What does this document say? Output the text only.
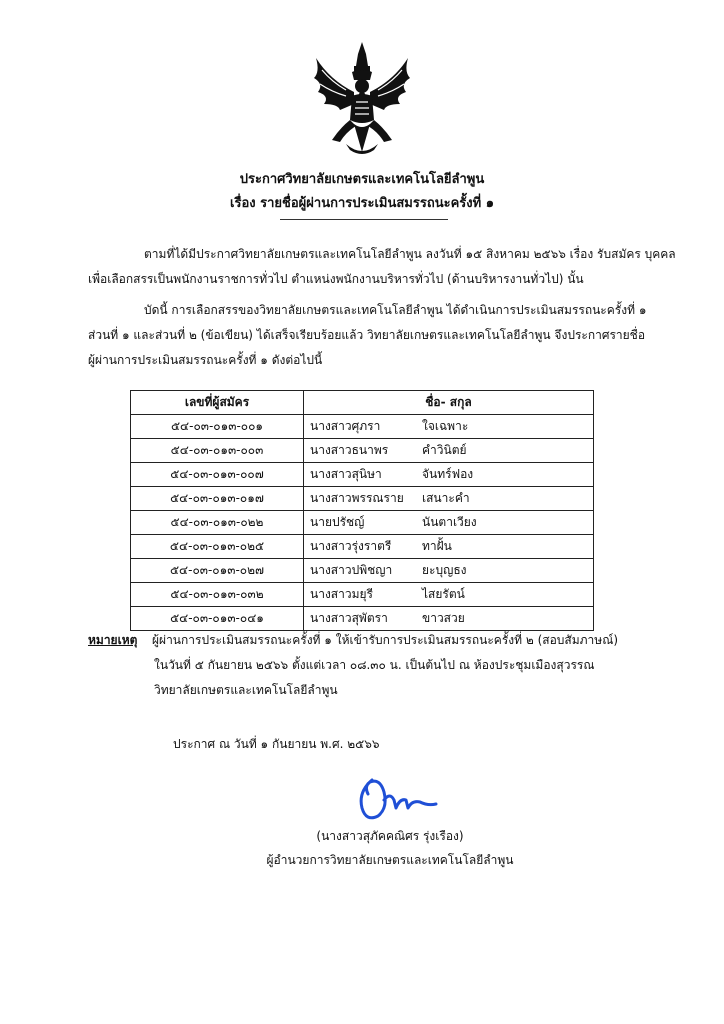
ประกาศวิทยาลัยเกษตรและเทคโนโลยีลำพูน
เรื่อง รายชื่อผู้ผ่านการประเมินสมรรถนะครั้งที่ ๑
ตามที่ได้มีประกาศวิทยาลัยเกษตรและเทคโนโลยีลำพูน ลงวันที่ ๑๕ สิงหาคม ๒๕๖๖ เรื่อง รับสมัคร บุคคล
เพื่อเลือกสรรเป็นพนักงานราชการทั่วไป ตำแหน่งพนักงานบริหารทั่วไป (ด้านบริหารงานทั่วไป) นั้น
บัดนี้ การเลือกสรรของวิทยาลัยเกษตรและเทคโนโลยีลำพูน ได้ดำเนินการประเมินสมรรถนะครั้งที่ ๑
ส่วนที่ ๑ และส่วนที่ ๒ (ข้อเขียน) ได้เสร็จเรียบร้อยแล้ว วิทยาลัยเกษตรและเทคโนโลยีลำพูน จึงประกาศรายชื่อ
ผู้ผ่านการประเมินสมรรถนะครั้งที่ ๑ ดังต่อไปนี้
เลขที่ผู้สมัคร	ชื่อ- สกุล
๕๔-๐๓-๐๑๓-๐๐๑	นางสาวศุภรา ใจเฉพาะ
๕๔-๐๓-๐๑๓-๐๐๓	นางสาวธนาพร คำวินิตย์
๕๔-๐๓-๐๑๓-๐๐๗	นางสาวสุนิษา จันทร์ฟอง
๕๔-๐๓-๐๑๓-๐๑๗	นางสาวพรรณราย เสนาะคำ
๕๔-๐๓-๐๑๓-๐๒๒	นายปรัชญ์ นันตาเวียง
๕๔-๐๓-๐๑๓-๐๒๕	นางสาวรุ่งราตรี ทาฝั้น
๕๔-๐๓-๐๑๓-๐๒๗	นางสาวปพิชญา ยะบุญธง
๕๔-๐๓-๐๑๓-๐๓๒	นางสาวมยุรี ไสยรัตน์
๕๔-๐๓-๐๑๓-๐๔๑	นางสาวสุพัตรา ขาวสวย
หมายเหตุ ผู้ผ่านการประเมินสมรรถนะครั้งที่ ๑ ให้เข้ารับการประเมินสมรรถนะครั้งที่ ๒ (สอบสัมภาษณ์)
ในวันที่ ๕ กันยายน ๒๕๖๖ ตั้งแต่เวลา ๐๘.๓๐ น. เป็นต้นไป ณ ห้องประชุมเมืองสุวรรณ
วิทยาลัยเกษตรและเทคโนโลยีลำพูน
ประกาศ ณ วันที่ ๑ กันยายน พ.ศ. ๒๕๖๖
(นางสาวสุภัคคณิศร รุ่งเรือง)
ผู้อำนวยการวิทยาลัยเกษตรและเทคโนโลยีลำพูน
